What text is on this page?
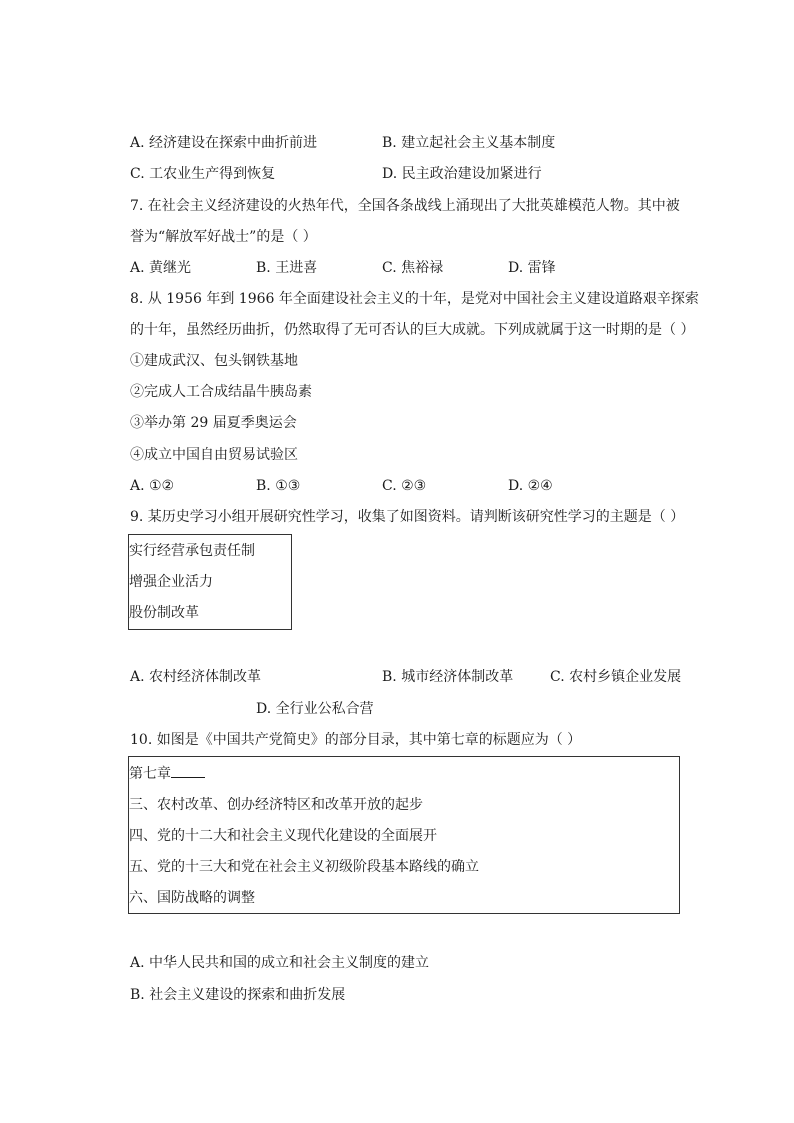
A. 经济建设在探索中曲折前进	B. 建立起社会主义基本制度
C. 工农业生产得到恢复	D. 民主政治建设加紧进行
7. 在社会主义经济建设的火热年代，全国各条战线上涌现出了大批英雄模范人物。其中被
誉为“解放军好战士”的是（ ）
A. 黄继光	B. 王进喜	C. 焦裕禄	D. 雷锋
8. 从 1956 年到 1966 年全面建设社会主义的十年，是党对中国社会主义建设道路艰辛探索
的十年，虽然经历曲折，仍然取得了无可否认的巨大成就。下列成就属于这一时期的是（ ）
①建成武汉、包头钢铁基地
②完成人工合成结晶牛胰岛素
③举办第 29 届夏季奥运会
④成立中国自由贸易试验区
A. ①②	B. ①③	C. ②③	D. ②④
9. 某历史学习小组开展研究性学习，收集了如图资料。请判断该研究性学习的主题是（ ）
实行经营承包责任制
增强企业活力
股份制改革
A. 农村经济体制改革	B. 城市经济体制改革	C. 农村乡镇企业发展
D. 全行业公私合营
10. 如图是《中国共产党简史》的部分目录，其中第七章的标题应为（ ）
第七章
三、农村改革、创办经济特区和改革开放的起步
四、党的十二大和社会主义现代化建设的全面展开
五、党的十三大和党在社会主义初级阶段基本路线的确立
六、国防战略的调整
A. 中华人民共和国的成立和社会主义制度的建立
B. 社会主义建设的探索和曲折发展
